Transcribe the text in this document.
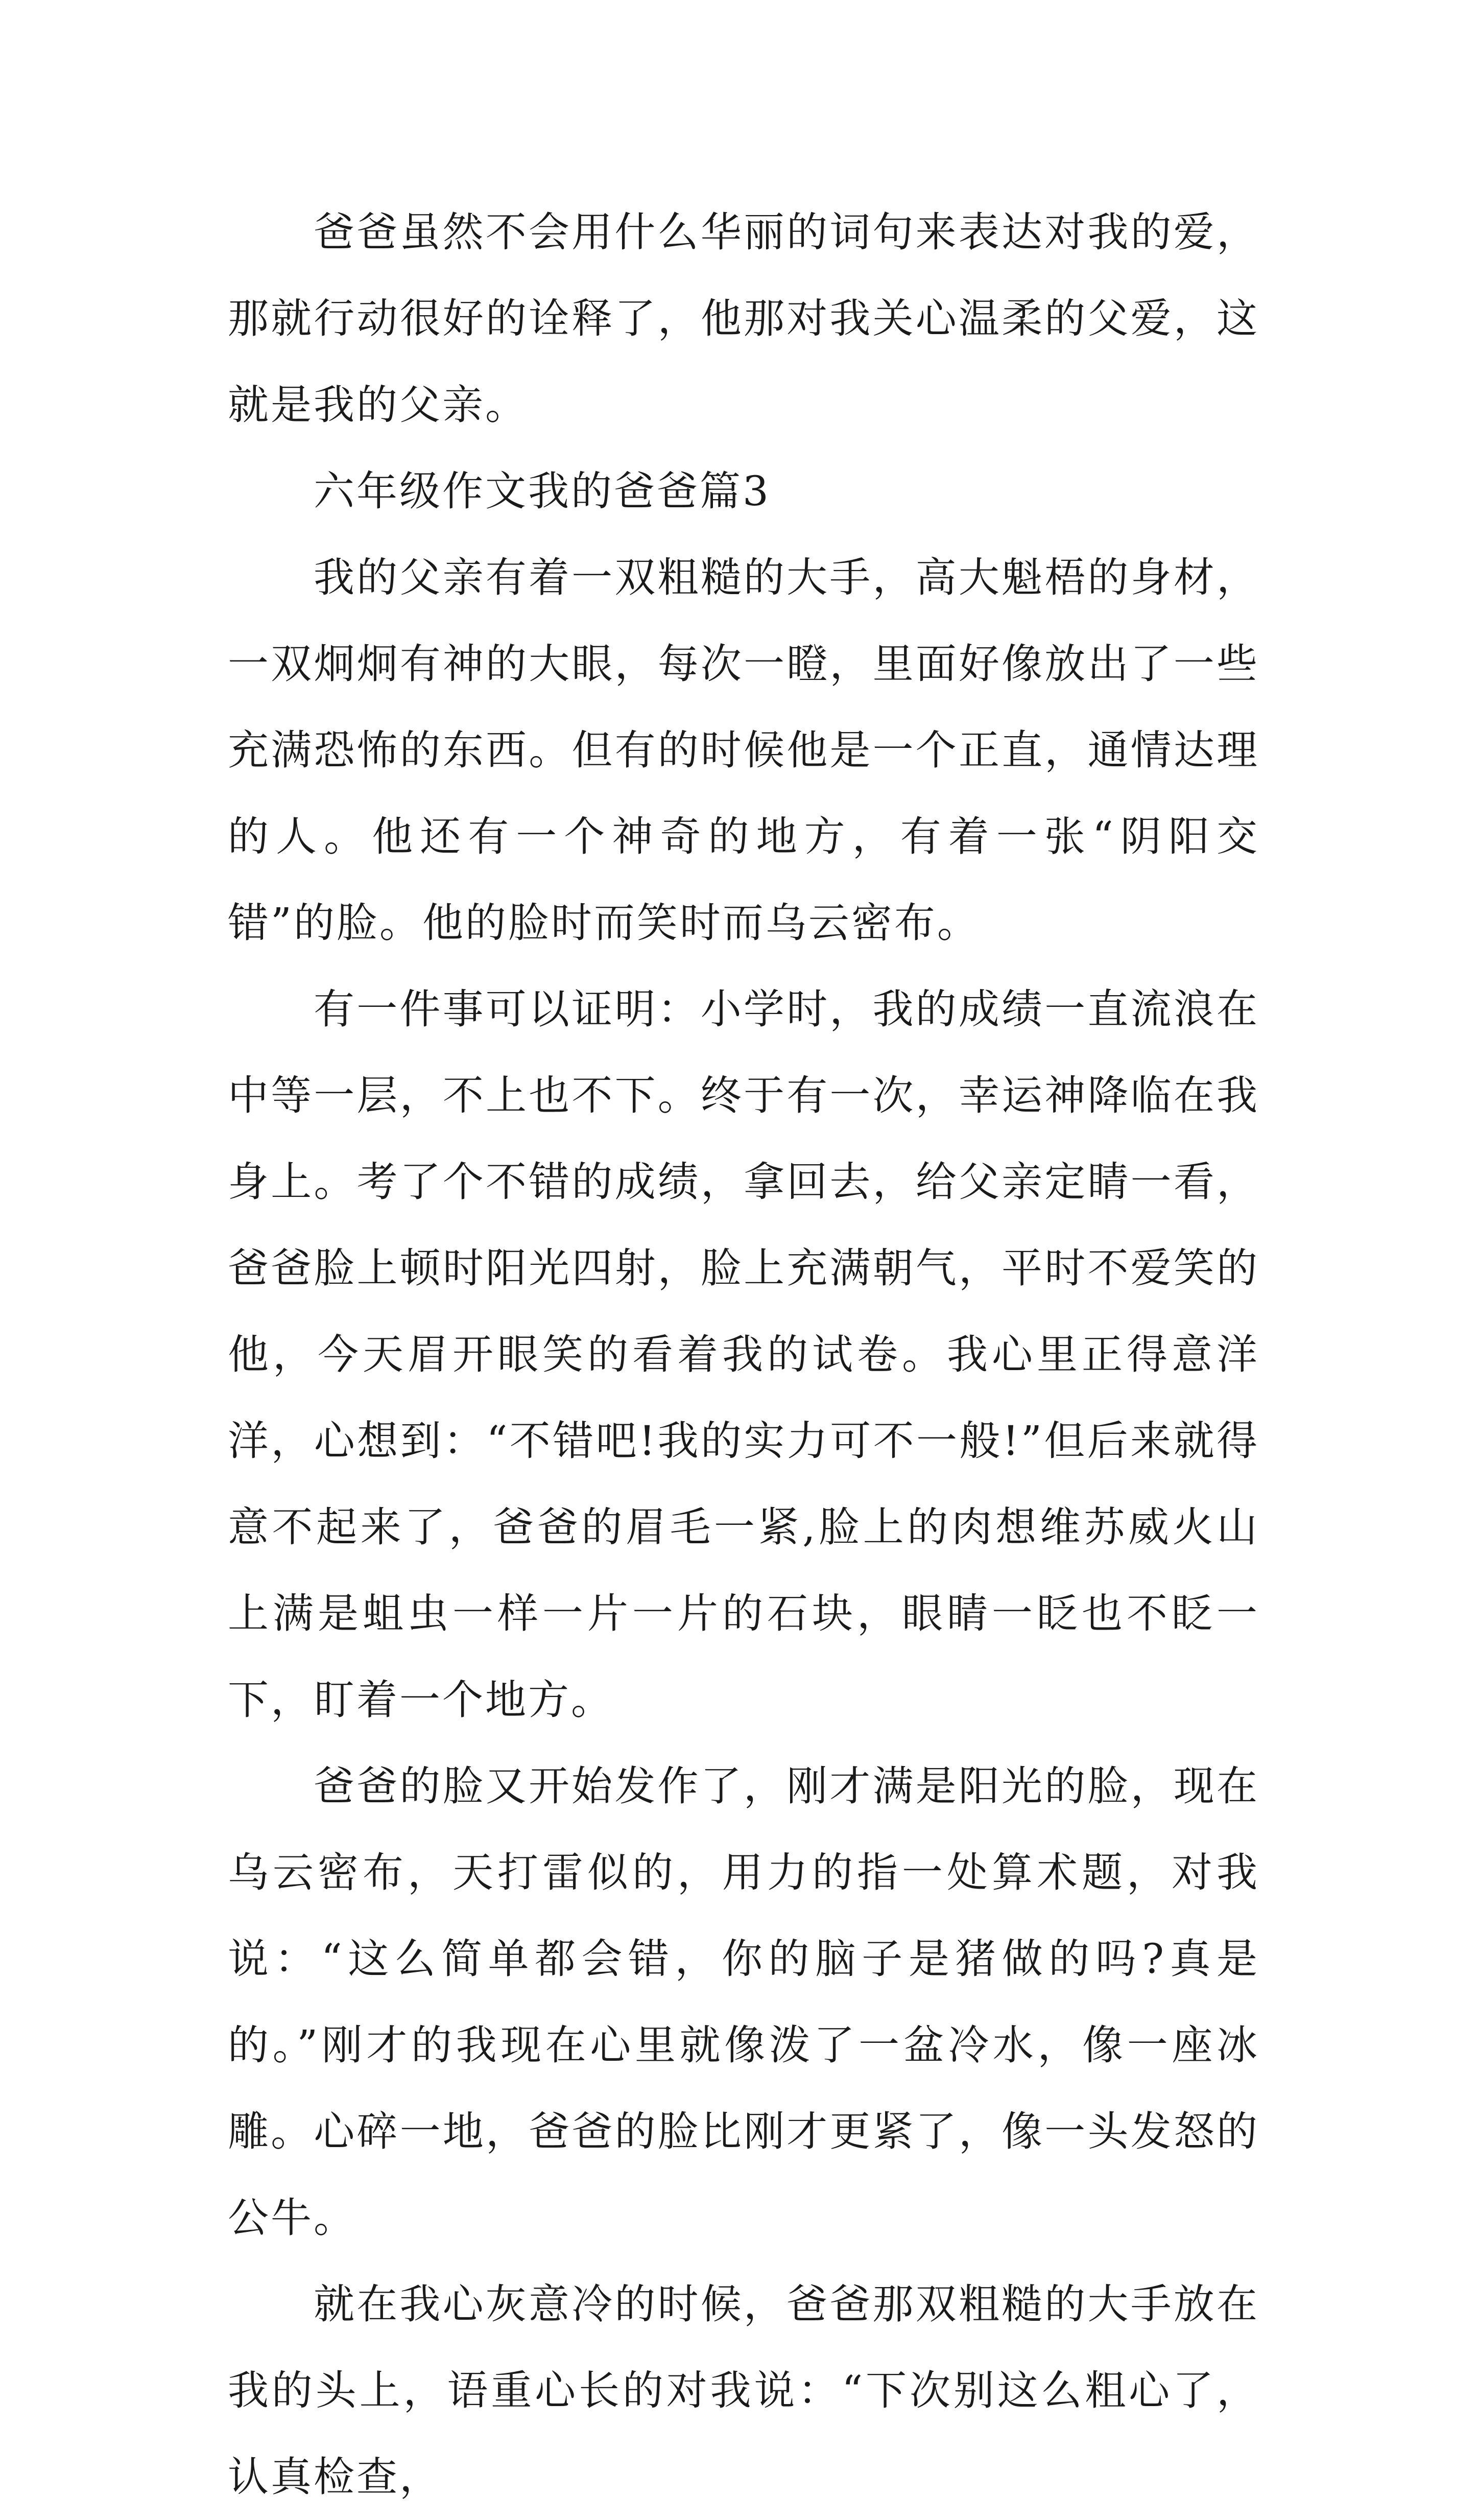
爸爸虽然不会用什么华丽的词句来表达对我的爱，那就行动很好的诠释了，他那对我关心温柔的父爱，这就是我的父亲。

六年级作文我的爸爸篇3

我的父亲有着一双粗糙的大手，高大魁梧的身材，一双炯炯有神的大眼，每次一瞪，里面好像放出了一些充满恐怖的东西。但有的时候他是一个正直，通情达理的人。他还有一个神奇的地方，有着一张“阴阳交错”的脸。他的脸时而笑时而乌云密布。

有一件事可以证明：小学时，我的成绩一直流浪在中等一层，不上也不下。终于有一次，幸运神降临在我身上。考了个不错的成绩，拿回去，给父亲定睛一看，爸爸脸上顿时阳光四射，脸上充满朝气，平时不爱笑的他，今天眉开眼笑的看着我的试卷。我心里正得意洋洋，心想到：“不错吧!我的实力可不一般!”但后来就得意不起来了，爸爸的眉毛一紧,脸上的肉想维苏威火山上满是蛆虫一样一片一片的石块，眼睛一眨也不眨一下，盯着一个地方。

爸爸的脸又开始发作了，刚才满是阳光的脸，现在乌云密布，天打雷似的，用力的指一处算术题，对我说：“这么简单都会错，你的脑子是猪做的吗?真是的。”刚才的我现在心里就像泼了一盆冷水，像一座冰雕。心碎一地，爸爸的脸比刚才更紧了，像一头发怒的公牛。

就在我心灰意冷的时候，爸爸那双粗糙的大手放在我的头上，语重心长的对我说：“下次别这么粗心了，认真检查，
